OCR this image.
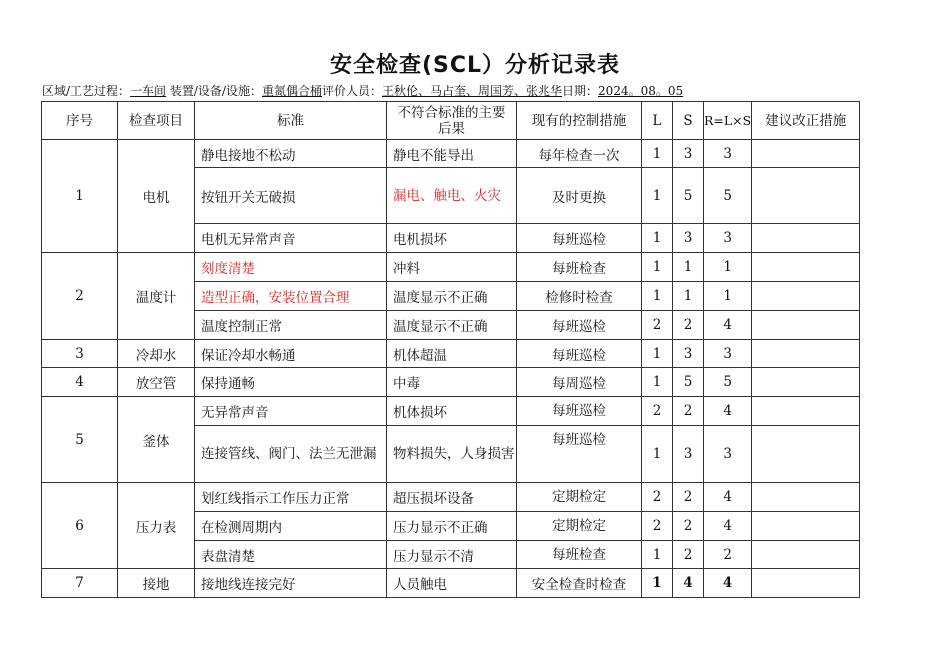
安全检查(SCL）分析记录表
区域/工艺过程：一车间 装置/设备/设施：重氮偶合桶评价人员：王秋伦、马占奎、周国芳、张兆华日期：2024。08。05
序号	检查项目	标准	不符合标准的主要后果	现有的控制措施	L	S	R=L×S	建议改正措施
1	电机	静电接地不松动	静电不能导出	每年检查一次	1	3	3	
		按钮开关无破损	漏电、触电、火灾	及时更换	1	5	5	
		电机无异常声音	电机损坏	每班巡检	1	3	3	
2	温度计	刻度清楚	冲料	每班检查	1	1	1	
		造型正确，安装位置合理	温度显示不正确	检修时检查	1	1	1	
		温度控制正常	温度显示不正确	每班巡检	2	2	4	
3	冷却水	保证冷却水畅通	机体超温	每班巡检	1	3	3	
4	放空管	保持通畅	中毒	每周巡检	1	5	5	
5	釜体	无异常声音	机体损坏	每班巡检	2	2	4	
		连接管线、阀门、法兰无泄漏	物料损失，人身损害	每班巡检	1	3	3	
6	压力表	划红线指示工作压力正常	超压损坏设备	定期检定	2	2	4	
		在检测周期内	压力显示不正确	定期检定	2	2	4	
		表盘清楚	压力显示不清	每班检查	1	2	2	
7	接地	接地线连接完好	人员触电	安全检查时检查	1	4	4	
